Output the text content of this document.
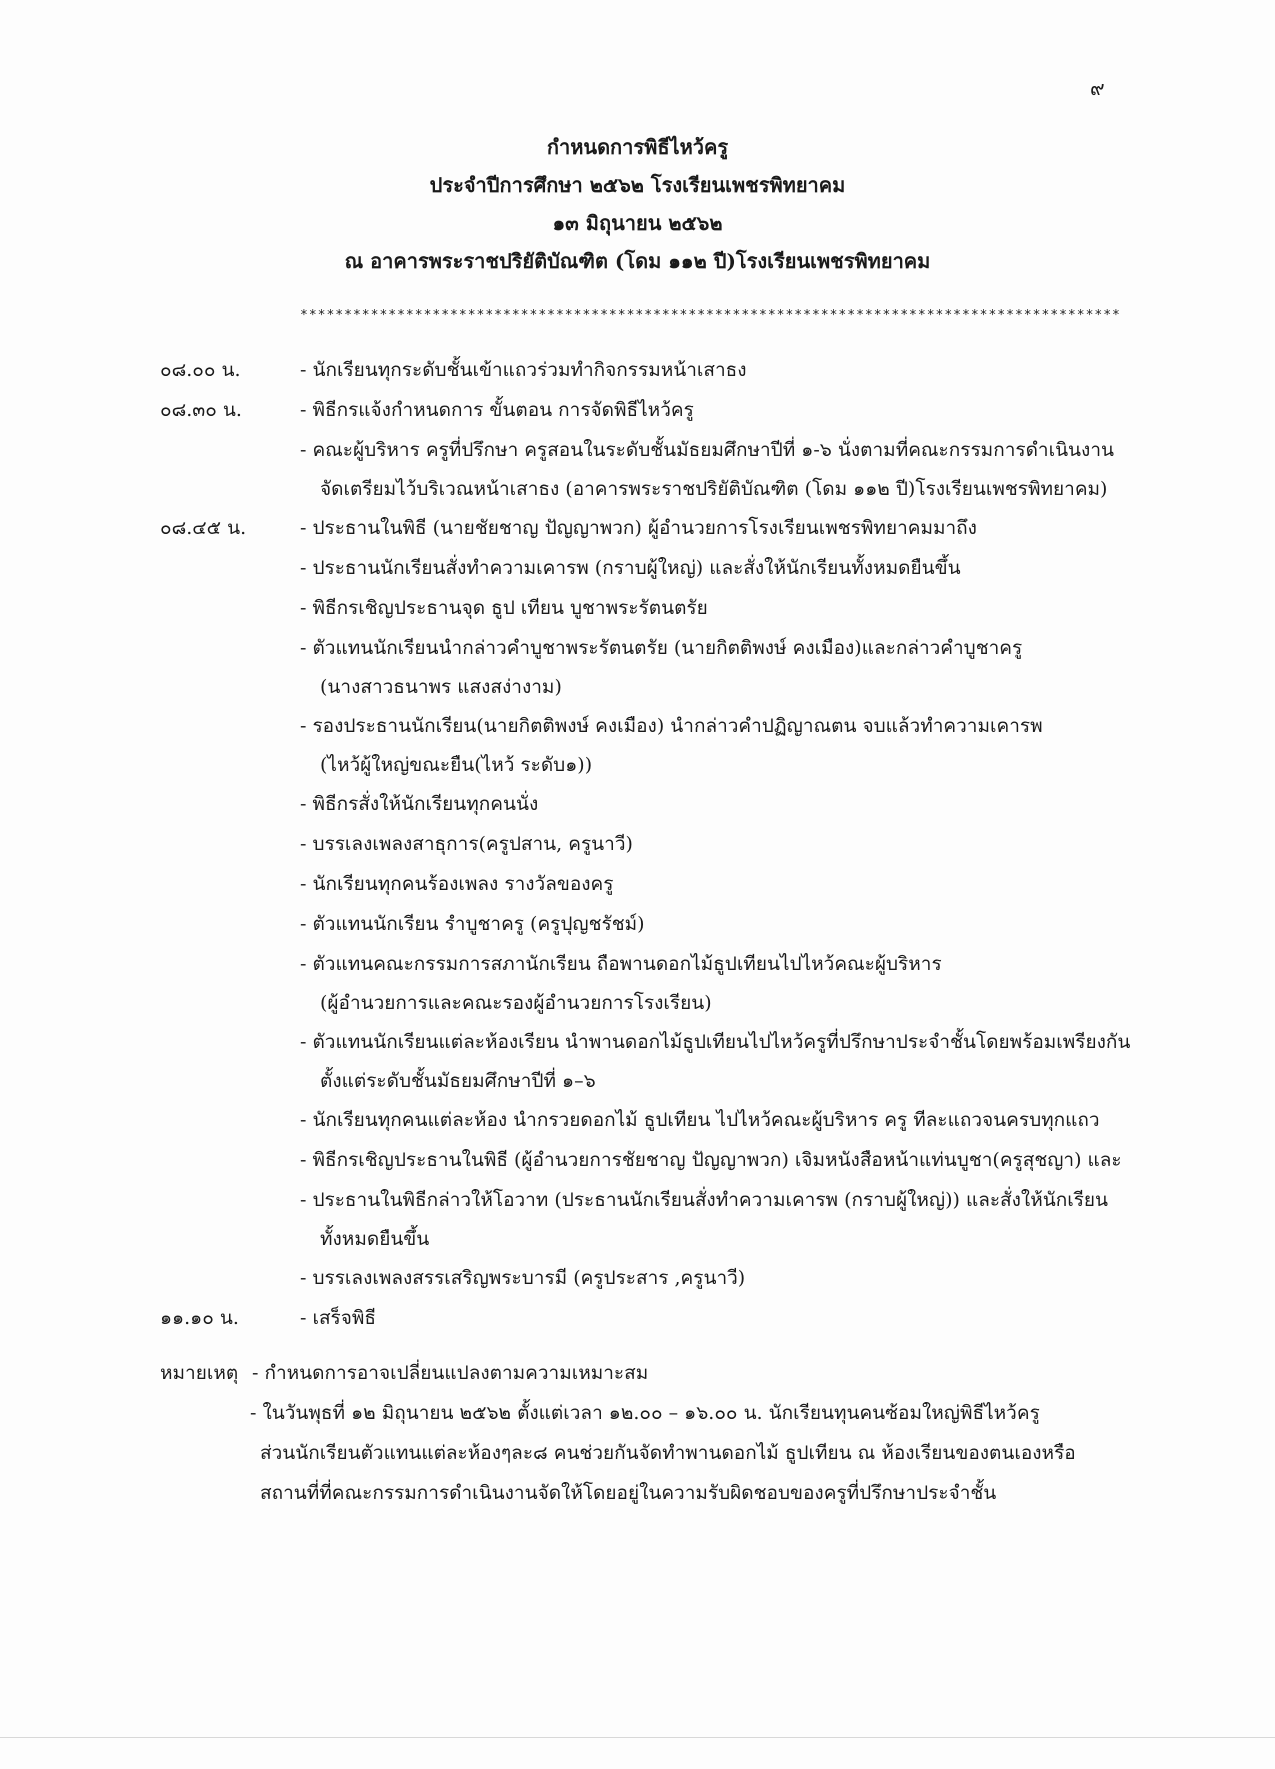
๙
กำหนดการพิธีไหว้ครู
ประจำปีการศึกษา ๒๕๖๒ โรงเรียนเพชรพิทยาคม
๑๓ มิถุนายน ๒๕๖๒
ณ อาคารพระราชปริยัติบัณฑิต (โดม ๑๑๒ ปี)โรงเรียนเพชรพิทยาคม
*********************************************************************************************
๐๘.๐๐ น.	- นักเรียนทุกระดับชั้นเข้าแถวร่วมทำกิจกรรมหน้าเสาธง
๐๘.๓๐ น.	- พิธีกรแจ้งกำหนดการ ขั้นตอน การจัดพิธีไหว้ครู
- คณะผู้บริหาร ครูที่ปรึกษา ครูสอนในระดับชั้นมัธยมศึกษาปีที่ ๑-๖ นั่งตามที่คณะกรรมการดำเนินงาน
จัดเตรียมไว้บริเวณหน้าเสาธง (อาคารพระราชปริยัติบัณฑิต (โดม ๑๑๒ ปี)โรงเรียนเพชรพิทยาคม)
๐๘.๔๕ น.	- ประธานในพิธี (นายชัยชาญ ปัญญาพวก) ผู้อำนวยการโรงเรียนเพชรพิทยาคมมาถึง
- ประธานนักเรียนสั่งทำความเคารพ (กราบผู้ใหญ่) และสั่งให้นักเรียนทั้งหมดยืนขึ้น
- พิธีกรเชิญประธานจุด ธูป เทียน บูชาพระรัตนตรัย
- ตัวแทนนักเรียนนำกล่าวคำบูชาพระรัตนตรัย (นายกิตติพงษ์ คงเมือง)และกล่าวคำบูชาครู
(นางสาวธนาพร แสงสง่างาม)
- รองประธานนักเรียน(นายกิตติพงษ์ คงเมือง) นำกล่าวคำปฏิญาณตน จบแล้วทำความเคารพ
(ไหว้ผู้ใหญ่ขณะยืน(ไหว้ ระดับ๑))
- พิธีกรสั่งให้นักเรียนทุกคนนั่ง
- บรรเลงเพลงสาธุการ(ครูปสาน, ครูนาวี)
- นักเรียนทุกคนร้องเพลง รางวัลของครู
- ตัวแทนนักเรียน รำบูชาครู (ครูปุญชรัชม์)
- ตัวแทนคณะกรรมการสภานักเรียน ถือพานดอกไม้ธูปเทียนไปไหว้คณะผู้บริหาร
(ผู้อำนวยการและคณะรองผู้อำนวยการโรงเรียน)
- ตัวแทนนักเรียนแต่ละห้องเรียน นำพานดอกไม้ธูปเทียนไปไหว้ครูที่ปรึกษาประจำชั้นโดยพร้อมเพรียงกัน
ตั้งแต่ระดับชั้นมัธยมศึกษาปีที่ ๑–๖
- นักเรียนทุกคนแต่ละห้อง นำกรวยดอกไม้ ธูปเทียน ไปไหว้คณะผู้บริหาร ครู ทีละแถวจนครบทุกแถว
- พิธีกรเชิญประธานในพิธี (ผู้อำนวยการชัยชาญ ปัญญาพวก) เจิมหนังสือหน้าแท่นบูชา(ครูสุชญา) และ
- ประธานในพิธีกล่าวให้โอวาท (ประธานนักเรียนสั่งทำความเคารพ (กราบผู้ใหญ่)) และสั่งให้นักเรียน
ทั้งหมดยืนขึ้น
- บรรเลงเพลงสรรเสริญพระบารมี (ครูประสาร ,ครูนาวี)
๑๑.๑๐ น.	- เสร็จพิธี
หมายเหตุ - กำหนดการอาจเปลี่ยนแปลงตามความเหมาะสม
- ในวันพุธที่ ๑๒ มิถุนายน ๒๕๖๒ ตั้งแต่เวลา ๑๒.๐๐ – ๑๖.๐๐ น. นักเรียนทุนคนซ้อมใหญ่พิธีไหว้ครู
ส่วนนักเรียนตัวแทนแต่ละห้องๆละ๘ คนช่วยกันจัดทำพานดอกไม้ ธูปเทียน ณ ห้องเรียนของตนเองหรือ
สถานที่ที่คณะกรรมการดำเนินงานจัดให้โดยอยู่ในความรับผิดชอบของครูที่ปรึกษาประจำชั้น
